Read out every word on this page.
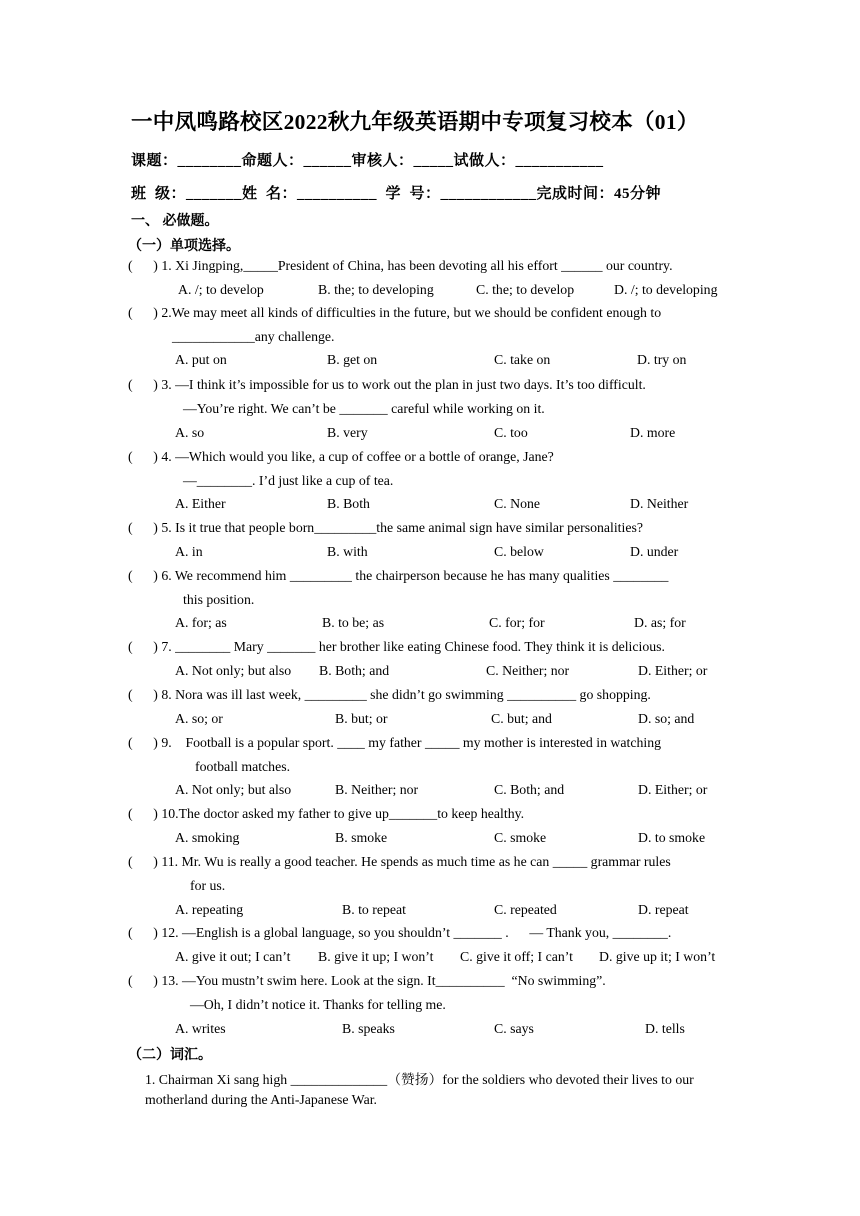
一中凤鸣路校区2022秋九年级英语期中专项复习校本（01）
课题：________命题人：______审核人：_____试做人：___________
班  级：_______姓  名：__________  学  号：____________完成时间：45分钟
一、 必做题。
（一）单项选择。
(      ) 1. Xi Jingping,_____President of China, has been devoting all his effort ______ our country.
A. /; to develop	B. the; to developing	C. the; to develop	D. /; to developing
(      ) 2.We may meet all kinds of difficulties in the future, but we should be confident enough to
____________any challenge.
A. put on	B. get on	C. take on	D. try on
(      ) 3. —I think it’s impossible for us to work out the plan in just two days. It’s too difficult.
—You’re right. We can’t be _______ careful while working on it.
A. so	B. very	C. too	D. more
(      ) 4. —Which would you like, a cup of coffee or a bottle of orange, Jane?
—________. I’d just like a cup of tea.
A. Either	B. Both	C. None	D. Neither
(      ) 5. Is it true that people born_________the same animal sign have similar personalities?
A. in	B. with	C. below	D. under
(      ) 6. We recommend him _________ the chairperson because he has many qualities ________
this position.
A. for; as	B. to be; as	C. for; for	D. as; for
(      ) 7. ________ Mary _______ her brother like eating Chinese food. They think it is delicious.
A. Not only; but also B. Both; and	C. Neither; nor	D. Either; or
(      ) 8. Nora was ill last week, _________ she didn’t go swimming __________ go shopping.
A. so; or	B. but; or	C. but; and	D. so; and
(      ) 9.    Football is a popular sport. ____ my father _____ my mother is interested in watching
football matches.
A. Not only; but also	B. Neither; nor	C. Both; and	D. Either; or
(      ) 10.The doctor asked my father to give up_______to keep healthy.
A. smoking	B. smoke	C. smoke	D. to smoke
(      ) 11. Mr. Wu is really a good teacher. He spends as much time as he can _____ grammar rules
for us.
A. repeating	B. to repeat	C. repeated	D. repeat
(      ) 12. —English is a global language, so you shouldn’t _______ .      — Thank you, ________.
A. give it out; I can’t B. give it up; I won’t C. give it off; I can’t D. give up it; I won’t
(      ) 13. —You mustn’t swim here. Look at the sign. It__________  “No swimming”.
—Oh, I didn’t notice it. Thanks for telling me.
A. writes	B. speaks	C. says	D. tells
（二）词汇。
1. Chairman Xi sang high ______________（赞扬）for the soldiers who devoted their lives to our
motherland during the Anti-Japanese War.
